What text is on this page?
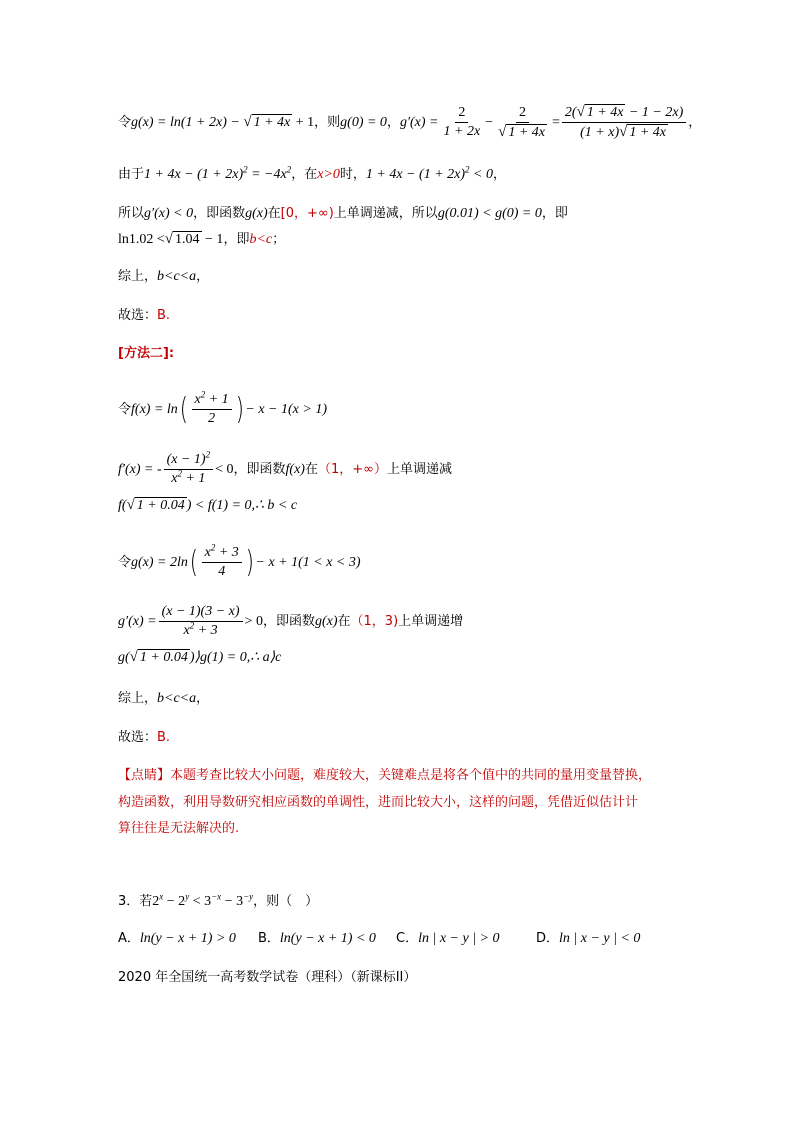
令 g(x) = ln(1 + 2x) − √ 1 + 4x + 1 ，则 g(0) = 0 ， $g'(x) = \frac{2}{1 + 2x} - \frac{2}{√ 1 + 4x} = \frac{2( √ 1 + 4x - 1 - 2x)}{(1 + x) √ 1 + 4x}$ ，
由于 $1 + 4x - (1 + 2x)^2 = -4x^2$ ，在 x>0 时， $1 + 4x - (1 + 2x)^2 < 0$ ，
所以 g′(x) < 0 ，即函数 g(x) 在 [0，+∞) 上单调递减，所以 g(0.01) < g(0) = 0 ，即
ln1.02 < √ 1.04 − 1 ，即 b<c ；
综上， b<c<a ，
故选： B.
[方法二]:
令 f(x) = ln ( $\frac{x^2 + 1}{2}$ ) − x − 1(x > 1)
f′(x) = - $\frac{(x - 1)^2}{x^2 + 1} < 0$ ，即函数 f(x) 在 （1，+∞） 上单调递减
f( √ 1 + 0.04 ) < f(1) = 0,∴ b < c
令 g(x) = 2ln ( $\frac{x^2 + 3}{4}$ ) − x + 1(1 < x < 3)
$g'(x) = \frac{(x - 1)(3 - x)}{x^2 + 3} > 0$ ，即函数 g(x) 在 （1，3) 上单调递增
g( √ 1 + 0.04 )⟩g(1) = 0,∴ a⟩c
综上， b<c<a ，
故选： B.
【点睛】本题考查比较大小问题，难度较大，关键难点是将各个值中的共同的量用变量替换，
构造函数，利用导数研究相应函数的单调性，进而比较大小，这样的问题，凭借近似估计计
算往往是无法解决的.
3．若 $2^x - 2^y < 3^{-x} - 3^{-y}$ ，则（　）
A． ln(y − x + 1) > 0 B． ln(y − x + 1) < 0 C． ln | x − y | > 0	D． ln | x − y | < 0
2020 年全国统一高考数学试卷（理科）（新课标II）
